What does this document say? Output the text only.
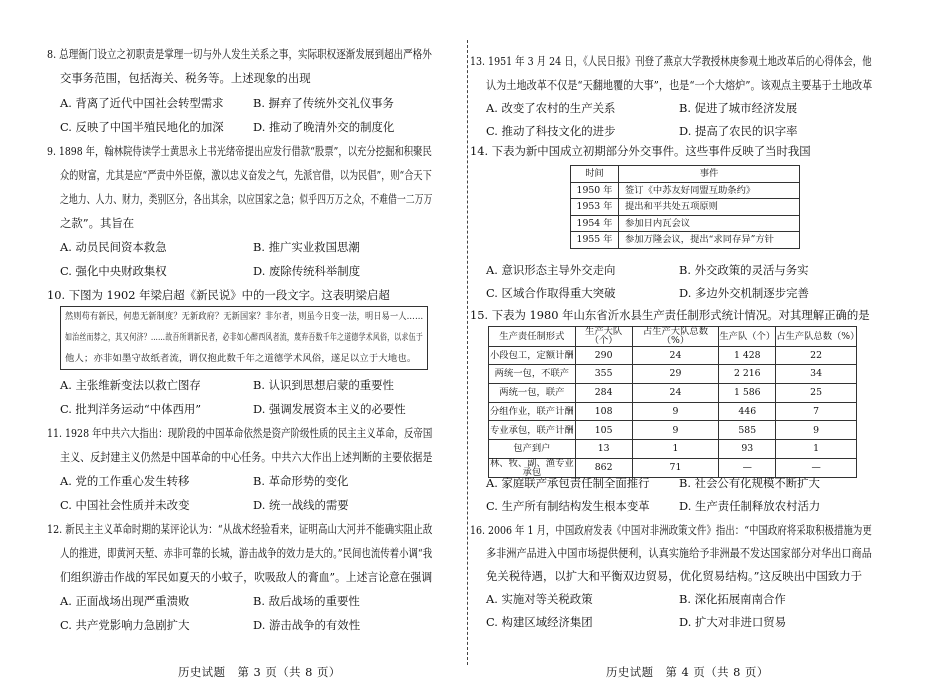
8. 总理衙门设立之初职责是掌理一切与外人发生关系之事，实际职权逐渐发展到超出严格外
交事务范围，包括海关、税务等。上述现象的出现
A. 背离了近代中国社会转型需求	B. 摒弃了传统外交礼仪事务
C. 反映了中国半殖民地化的加深	D. 推动了晚清外交的制度化
9. 1898 年，翰林院侍读学士黄思永上书光绪帝提出应发行借款“股票”，以充分挖掘和积聚民
众的财富，尤其是应“严责中外臣僚，激以忠义奋发之气，先派官借，以为民倡”，则“合天下
之地力、人力、财力，类别区分，各出其余，以应国家之急；似乎四万万之众，不难借一二万万
之款”。其旨在
A. 动员民间资本救急	B. 推广实业救国思潮
C. 强化中央财政集权	D. 废除传统科举制度
10. 下图为 1902 年梁启超《新民说》中的一段文字。这表明梁启超
然则苟有新民，何患无新制度？无新政府？无新国家？非尔者，则虽今日变一法，明日易一人……
如治丝而棼之，其又何济？……故吾所谓新民者，必非如心醉西风者流，蔑弃吾数千年之道德学术风俗，以求伍于
他人；亦非如墨守故纸者流，谓仅抱此数千年之道德学术风俗，遂足以立于大地也。
A. 主张维新变法以救亡图存	B. 认识到思想启蒙的重要性
C. 批判洋务运动“中体西用”	D. 强调发展资本主义的必要性
11. 1928 年中共六大指出：现阶段的中国革命依然是资产阶级性质的民主主义革命，反帝国
主义、反封建主义仍然是中国革命的中心任务。中共六大作出上述判断的主要依据是
A. 党的工作重心发生转移	B. 革命形势的变化
C. 中国社会性质并未改变	D. 统一战线的需要
12. 新民主主义革命时期的某评论认为：“从战术经验看来，证明高山大河并不能确实阻止敌
人的推进，即黄河天堑、赤非可靠的长城，游击战争的效力是大的。”民间也流传着小调“我
们组织游击作战的军民如夏天的小蚊子，吹吸敌人的膏血”。上述言论意在强调
A. 正面战场出现严重溃败	B. 敌后战场的重要性
C. 共产党影响力急剧扩大	D. 游击战争的有效性
历史试题　第 3 页（共 8 页）
13. 1951 年 3 月 24 日，《人民日报》刊登了燕京大学教授林庚参观土地改革后的心得体会，他
认为土地改革不仅是“天翻地覆的大事”，也是“一个大熔炉”。该观点主要基于土地改革
A. 改变了农村的生产关系	B. 促进了城市经济发展
C. 推动了科技文化的进步	D. 提高了农民的识字率
14. 下表为新中国成立初期部分外交事件。这些事件反映了当时我国
时间	事件
1950 年	签订《中苏友好同盟互助条约》
1953 年	提出和平共处五项原则
1954 年	参加日内瓦会议
1955 年	参加万隆会议，提出“求同存异”方针
A. 意识形态主导外交走向	B. 外交政策的灵活与务实
C. 区域合作取得重大突破	D. 多边外交机制逐步完善
15. 下表为 1980 年山东省沂水县生产责任制形式统计情况。对其理解正确的是
生产责任制形式	生产大队（个）	占生产大队总数（%）	生产队（个）	占生产队总数（%）
小段包工，定额计酬	290	24	1 428	22
两统一包，不联产	355	29	2 216	34
两统一包，联产	284	24	1 586	25
分组作业，联产计酬	108	9	446	7
专业承包，联产计酬	105	9	585	9
包产到户	13	1	93	1
林、牧、副、渔专业承包	862	71	—	—
A. 家庭联产承包责任制全面推行	B. 社会公有化规模不断扩大
C. 生产所有制结构发生根本变革	D. 生产责任制释放农村活力
16. 2006 年 1 月，中国政府发表《中国对非洲政策文件》指出：“中国政府将采取积极措施为更
多非洲产品进入中国市场提供便利，认真实施给予非洲最不发达国家部分对华出口商品
免关税待遇，以扩大和平衡双边贸易，优化贸易结构。”这反映出中国致力于
A. 实施对等关税政策	B. 深化拓展南南合作
C. 构建区域经济集团	D. 扩大对非进口贸易
历史试题　第 4 页（共 8 页）
